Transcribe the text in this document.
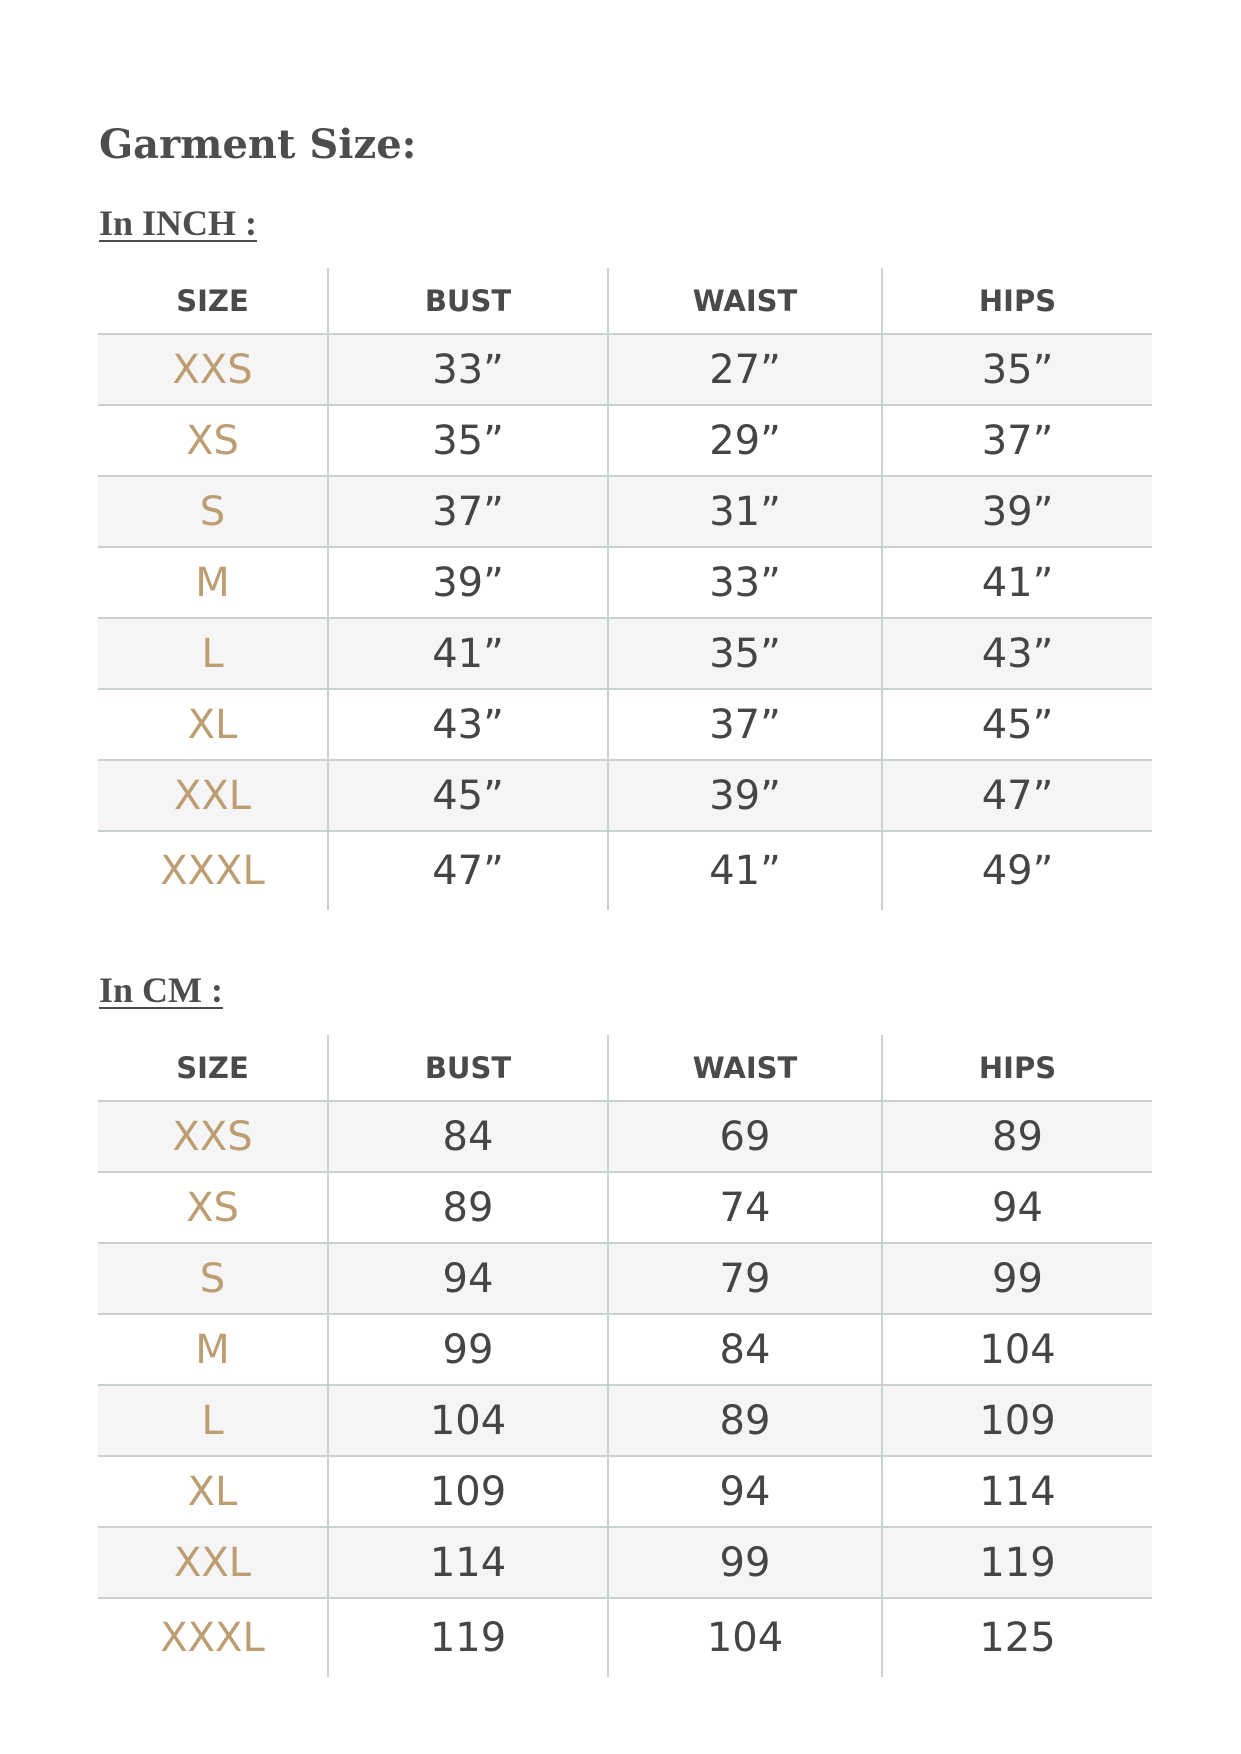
Garment Size:
In INCH :
SIZE	BUST	WAIST	HIPS
XXS	33”	27”	35”
XS	35”	29”	37”
S	37”	31”	39”
M	39”	33”	41”
L	41”	35”	43”
XL	43”	37”	45”
XXL	45”	39”	47”
XXXL	47”	41”	49”
In CM :
SIZE	BUST	WAIST	HIPS
XXS	84	69	89
XS	89	74	94
S	94	79	99
M	99	84	104
L	104	89	109
XL	109	94	114
XXL	114	99	119
XXXL	119	104	125
